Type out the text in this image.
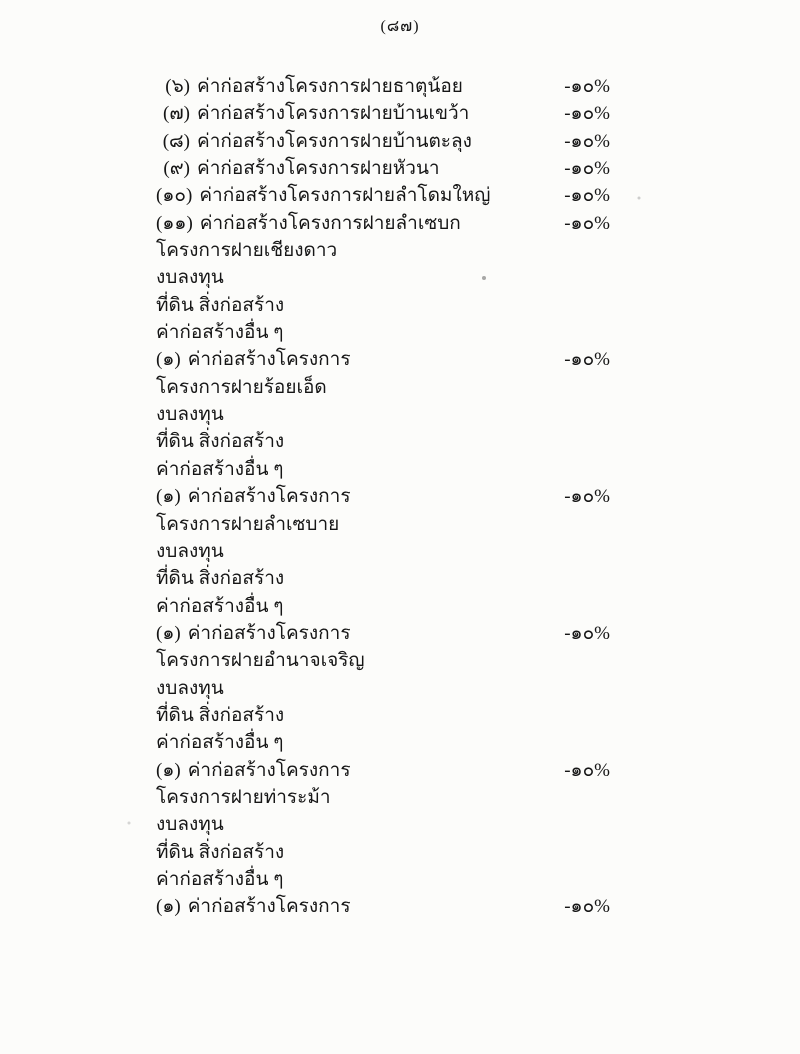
(๘๗)
(๖) ค่าก่อสร้างโครงการฝายธาตุน้อย	-๑๐%
(๗) ค่าก่อสร้างโครงการฝายบ้านเขว้า	-๑๐%
(๘) ค่าก่อสร้างโครงการฝายบ้านตะลุง	-๑๐%
(๙) ค่าก่อสร้างโครงการฝายหัวนา	-๑๐%
(๑๐) ค่าก่อสร้างโครงการฝายลำโดมใหญ่	-๑๐%
(๑๑) ค่าก่อสร้างโครงการฝายลำเซบก	-๑๐%
โครงการฝายเชียงดาว
งบลงทุน
ที่ดิน สิ่งก่อสร้าง
ค่าก่อสร้างอื่น ๆ
(๑) ค่าก่อสร้างโครงการ	-๑๐%
โครงการฝายร้อยเอ็ด
งบลงทุน
ที่ดิน สิ่งก่อสร้าง
ค่าก่อสร้างอื่น ๆ
(๑) ค่าก่อสร้างโครงการ	-๑๐%
โครงการฝายลำเซบาย
งบลงทุน
ที่ดิน สิ่งก่อสร้าง
ค่าก่อสร้างอื่น ๆ
(๑) ค่าก่อสร้างโครงการ	-๑๐%
โครงการฝายอำนาจเจริญ
งบลงทุน
ที่ดิน สิ่งก่อสร้าง
ค่าก่อสร้างอื่น ๆ
(๑) ค่าก่อสร้างโครงการ	-๑๐%
โครงการฝายท่าระม้า
งบลงทุน
ที่ดิน สิ่งก่อสร้าง
ค่าก่อสร้างอื่น ๆ
(๑) ค่าก่อสร้างโครงการ	-๑๐%
